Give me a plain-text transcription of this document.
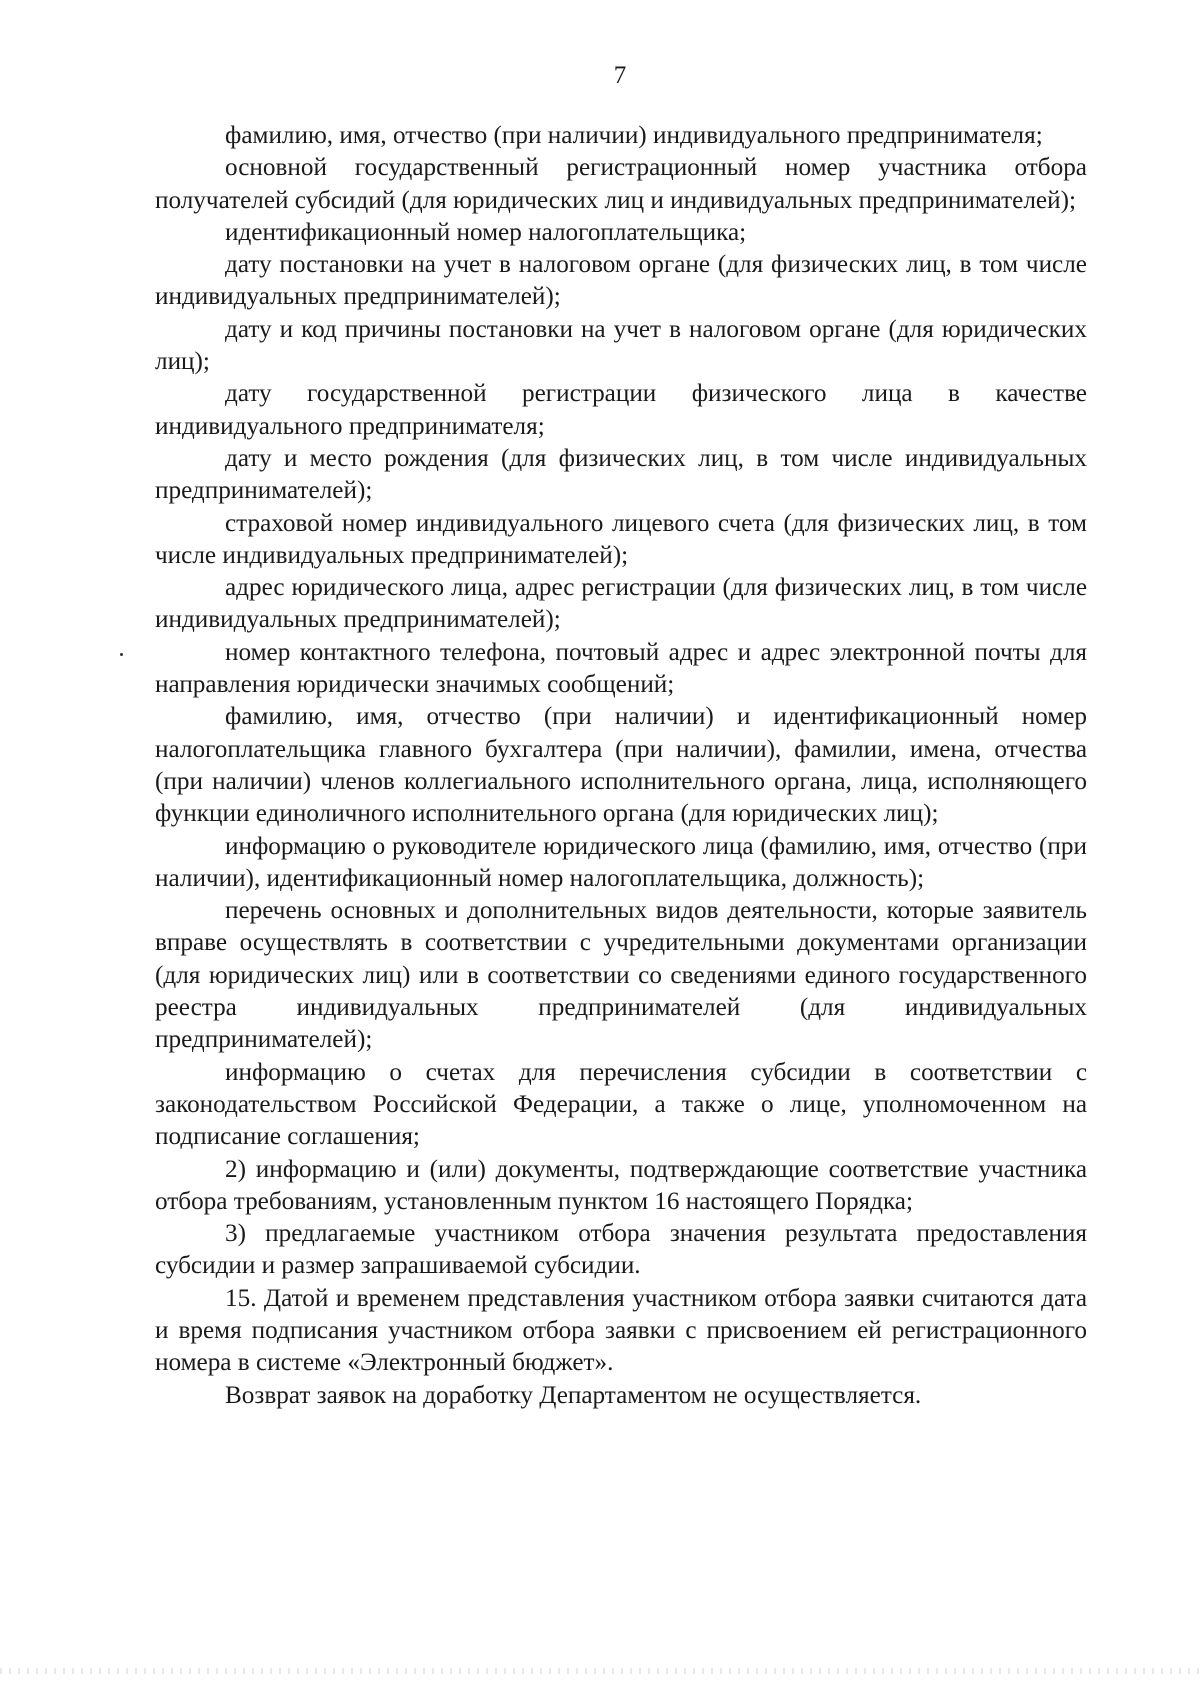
7

фамилию, имя, отчество (при наличии) индивидуального предпринимателя;

основной государственный регистрационный номер участника отбора получателей субсидий (для юридических лиц и индивидуальных предпринимателей);

идентификационный номер налогоплательщика;

дату постановки на учет в налоговом органе (для физических лиц, в том числе индивидуальных предпринимателей);

дату и код причины постановки на учет в налоговом органе (для юридических лиц);

дату государственной регистрации физического лица в качестве индивидуального предпринимателя;

дату и место рождения (для физических лиц, в том числе индивидуальных предпринимателей);

страховой номер индивидуального лицевого счета (для физических лиц, в том числе индивидуальных предпринимателей);

адрес юридического лица, адрес регистрации (для физических лиц, в том числе индивидуальных предпринимателей);

номер контактного телефона, почтовый адрес и адрес электронной почты для направления юридически значимых сообщений;

фамилию, имя, отчество (при наличии) и идентификационный номер налогоплательщика главного бухгалтера (при наличии), фамилии, имена, отчества (при наличии) членов коллегиального исполнительного органа, лица, исполняющего функции единоличного исполнительного органа (для юридических лиц);

информацию о руководителе юридического лица (фамилию, имя, отчество (при наличии), идентификационный номер налогоплательщика, должность);

перечень основных и дополнительных видов деятельности, которые заявитель вправе осуществлять в соответствии с учредительными документами организации (для юридических лиц) или в соответствии со сведениями единого государственного реестра индивидуальных предпринимателей (для индивидуальных предпринимателей);

информацию о счетах для перечисления субсидии в соответствии с законодательством Российской Федерации, а также о лице, уполномоченном на подписание соглашения;

2) информацию и (или) документы, подтверждающие соответствие участника отбора требованиям, установленным пунктом 16 настоящего Порядка;

3) предлагаемые участником отбора значения результата предоставления субсидии и размер запрашиваемой субсидии.

15. Датой и временем представления участником отбора заявки считаются дата и время подписания участником отбора заявки с присвоением ей регистрационного номера в системе «Электронный бюджет».

Возврат заявок на доработку Департаментом не осуществляется.
